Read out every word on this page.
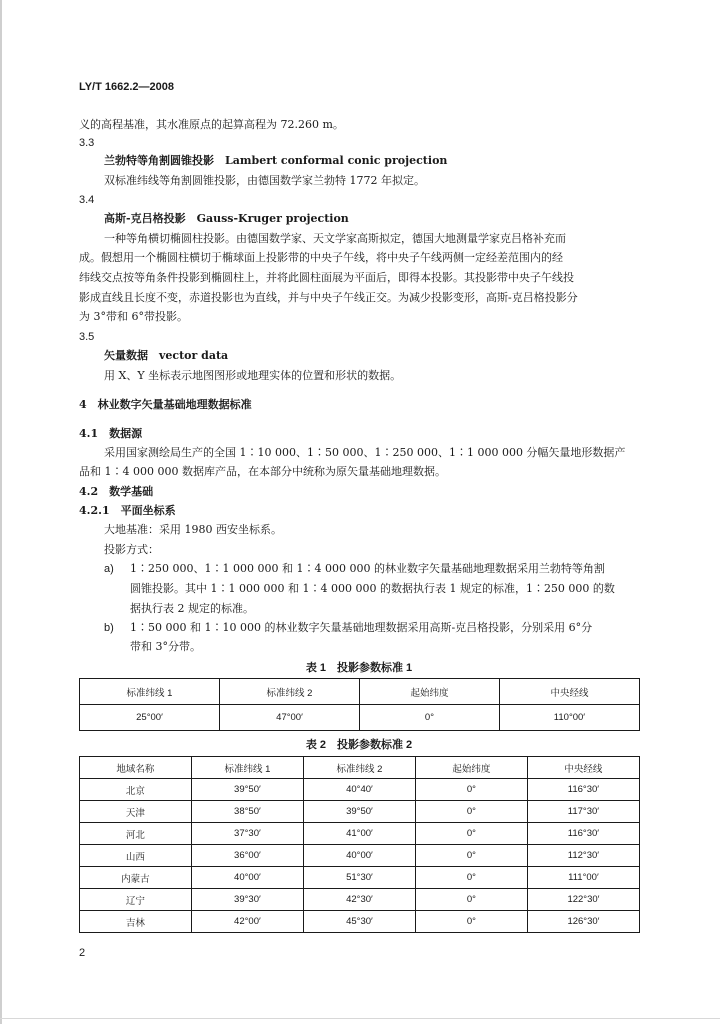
LY/T 1662.2—2008
义的高程基准，其水准原点的起算高程为 72.260 m。
3.3
兰勃特等角割圆锥投影　Lambert conformal conic projection
双标准纬线等角割圆锥投影，由德国数学家兰勃特 1772 年拟定。
3.4
高斯-克吕格投影　Gauss-Kruger projection
一种等角横切椭圆柱投影。由德国数学家、天文学家高斯拟定，德国大地测量学家克吕格补充而
成。假想用一个椭圆柱横切于椭球面上投影带的中央子午线，将中央子午线两侧一定经差范围内的经
纬线交点按等角条件投影到椭圆柱上，并将此圆柱面展为平面后，即得本投影。其投影带中央子午线投
影成直线且长度不变，赤道投影也为直线，并与中央子午线正交。为减少投影变形，高斯-克吕格投影分
为 3°带和 6°带投影。
3.5
矢量数据　vector data
用 X、Y 坐标表示地图图形或地理实体的位置和形状的数据。
4　林业数字矢量基础地理数据标准
4.1　数据源
采用国家测绘局生产的全国 1∶10 000、1∶50 000、1∶250 000、1∶1 000 000 分幅矢量地形数据产
品和 1∶4 000 000 数据库产品，在本部分中统称为原矢量基础地理数据。
4.2　数学基础
4.2.1　平面坐标系
大地基准：采用 1980 西安坐标系。
投影方式：
a) 1∶250 000、1∶1 000 000 和 1∶4 000 000 的林业数字矢量基础地理数据采用兰勃特等角割
圆锥投影。其中 1∶1 000 000 和 1∶4 000 000 的数据执行表 1 规定的标准，1∶250 000 的数
据执行表 2 规定的标准。
b) 1∶50 000 和 1∶10 000 的林业数字矢量基础地理数据采用高斯-克吕格投影，分别采用 6°分
带和 3°分带。
表 1　投影参数标准 1
标准纬线 1	标准纬线 2	起始纬度	中央经线
25°00′	47°00′	0°	110°00′
表 2　投影参数标准 2
地域名称	标准纬线 1	标准纬线 2	起始纬度	中央经线
北京	39°50′	40°40′	0°	116°30′
天津	38°50′	39°50′	0°	117°30′
河北	37°30′	41°00′	0°	116°30′
山西	36°00′	40°00′	0°	112°30′
内蒙古	40°00′	51°30′	0°	111°00′
辽宁	39°30′	42°30′	0°	122°30′
吉林	42°00′	45°30′	0°	126°30′
2
